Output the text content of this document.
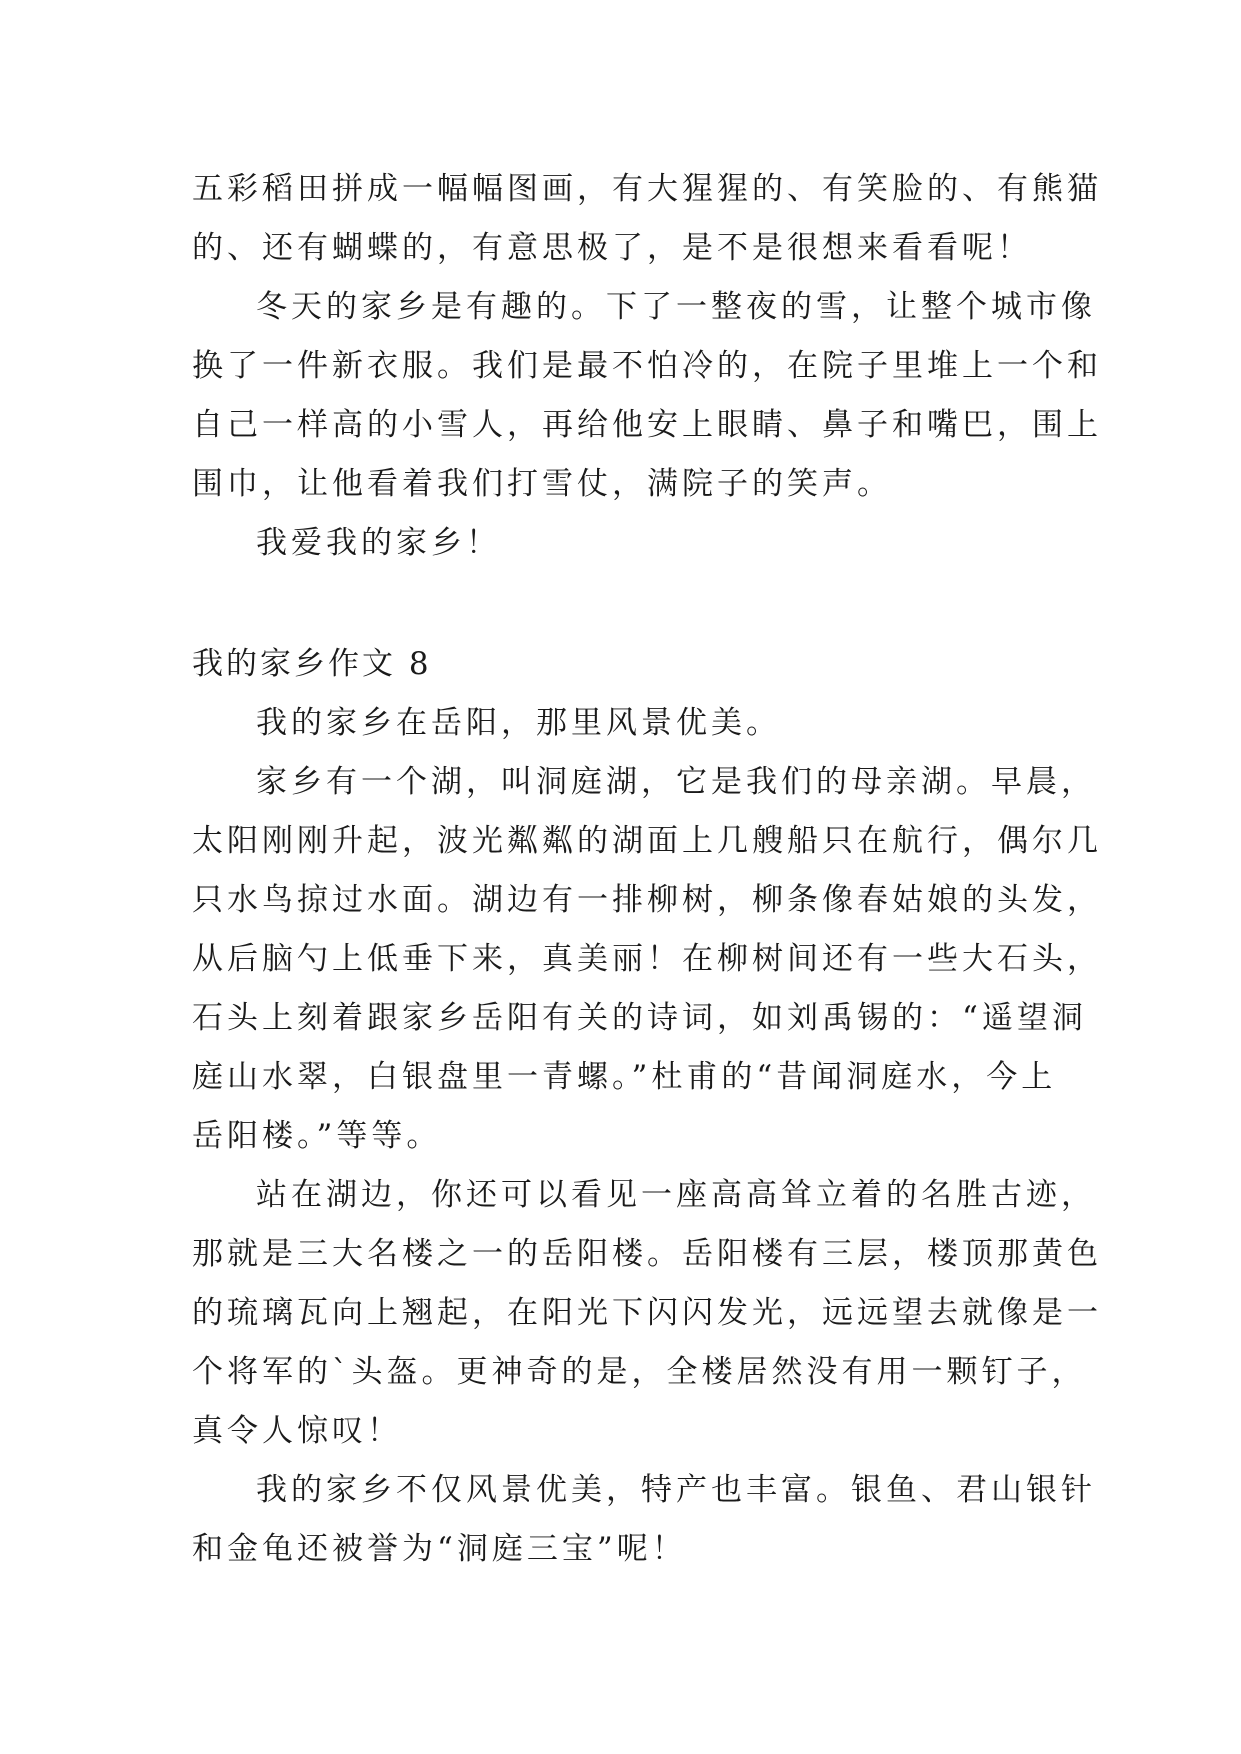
五彩稻田拼成一幅幅图画，有大猩猩的、有笑脸的、有熊猫
的、还有蝴蝶的，有意思极了，是不是很想来看看呢！
冬天的家乡是有趣的。下了一整夜的雪，让整个城市像
换了一件新衣服。我们是最不怕冷的，在院子里堆上一个和
自己一样高的小雪人，再给他安上眼睛、鼻子和嘴巴，围上
围巾，让他看着我们打雪仗，满院子的笑声。
我爱我的家乡！
我的家乡作文 8
我的家乡在岳阳，那里风景优美。
家乡有一个湖，叫洞庭湖，它是我们的母亲湖。早晨，
太阳刚刚升起，波光粼粼的湖面上几艘船只在航行，偶尔几
只水鸟掠过水面。湖边有一排柳树，柳条像春姑娘的头发，
从后脑勺上低垂下来，真美丽！在柳树间还有一些大石头，
石头上刻着跟家乡岳阳有关的诗词，如刘禹锡的：“遥望洞
庭山水翠，白银盘里一青螺。”杜甫的“昔闻洞庭水，今上
岳阳楼。”等等。
站在湖边，你还可以看见一座高高耸立着的名胜古迹，
那就是三大名楼之一的岳阳楼。岳阳楼有三层，楼顶那黄色
的琉璃瓦向上翘起，在阳光下闪闪发光，远远望去就像是一
个将军的`头盔。更神奇的是，全楼居然没有用一颗钉子，
真令人惊叹！
我的家乡不仅风景优美，特产也丰富。银鱼、君山银针
和金龟还被誉为“洞庭三宝”呢！
